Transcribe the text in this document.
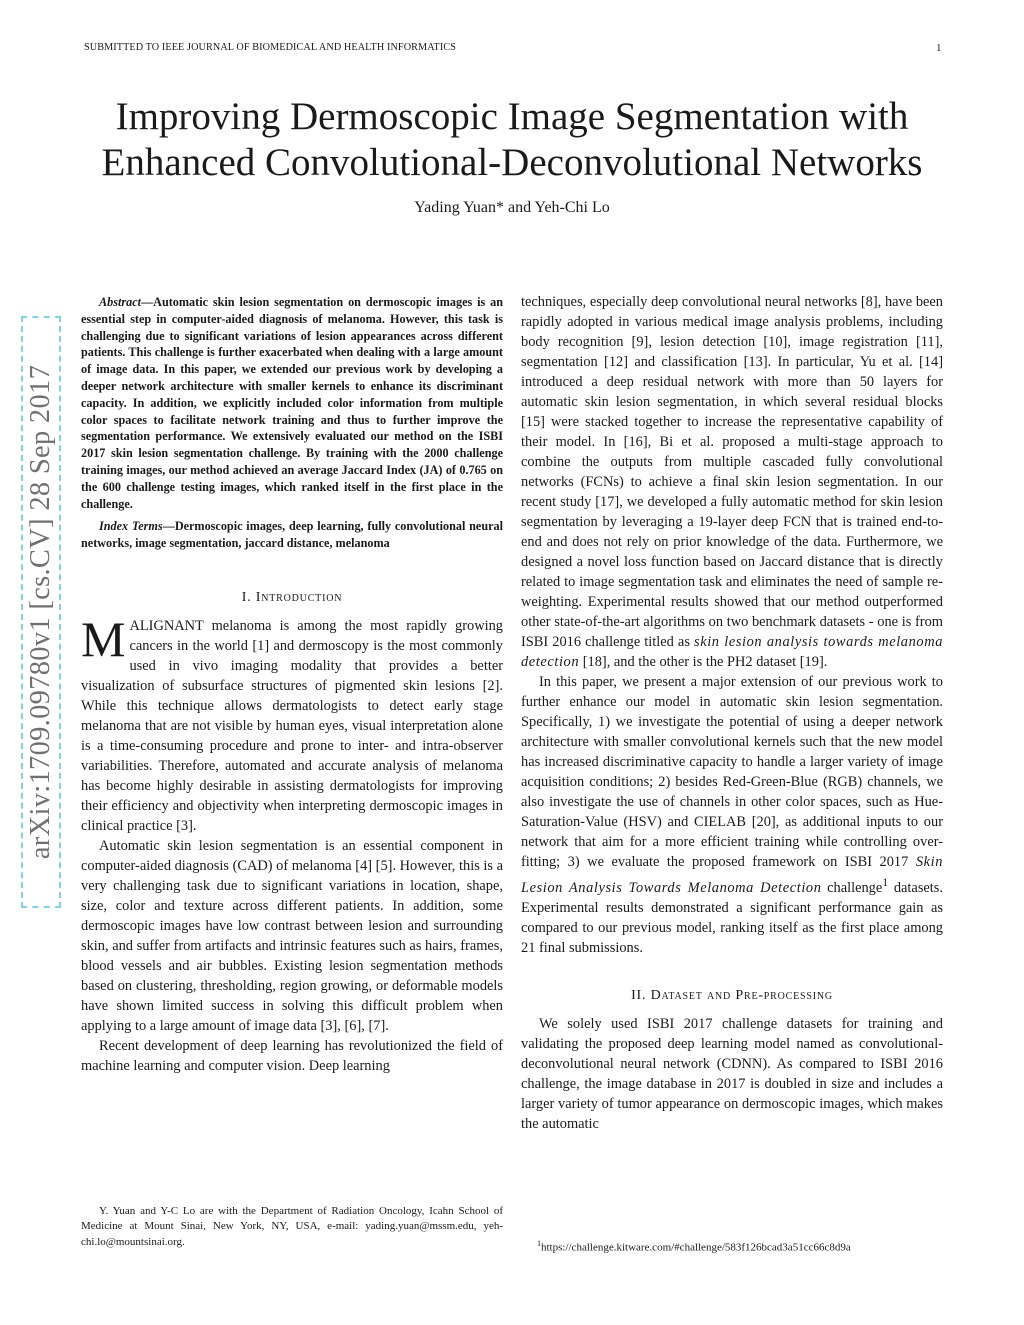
SUBMITTED TO IEEE JOURNAL OF BIOMEDICAL AND HEALTH INFORMATICS	1
Improving Dermoscopic Image Segmentation with
Enhanced Convolutional-Deconvolutional Networks
Yading Yuan* and Yeh-Chi Lo
arXiv:1709.09780v1 [cs.CV] 28 Sep 2017

Abstract—Automatic skin lesion segmentation on dermoscopic images is an essential step in computer-aided diagnosis of melanoma. However, this task is challenging due to significant variations of lesion appearances across different patients. This challenge is further exacerbated when dealing with a large amount of image data. In this paper, we extended our previous work by developing a deeper network architecture with smaller kernels to enhance its discriminant capacity. In addition, we explicitly included color information from multiple color spaces to facilitate network training and thus to further improve the segmentation performance. We extensively evaluated our method on the ISBI 2017 skin lesion segmentation challenge. By training with the 2000 challenge training images, our method achieved an average Jaccard Index (JA) of 0.765 on the 600 challenge testing images, which ranked itself in the first place in the challenge.

Index Terms—Dermoscopic images, deep learning, fully convolutional neural networks, image segmentation, jaccard distance, melanoma

I. Introduction

MALIGNANT melanoma is among the most rapidly growing cancers in the world [1] and dermoscopy is the most commonly used in vivo imaging modality that provides a better visualization of subsurface structures of pigmented skin lesions [2]. While this technique allows dermatologists to detect early stage melanoma that are not visible by human eyes, visual interpretation alone is a time-consuming procedure and prone to inter- and intra-observer variabilities. Therefore, automated and accurate analysis of melanoma has become highly desirable in assisting dermatologists for improving their efficiency and objectivity when interpreting dermoscopic images in clinical practice [3].

Automatic skin lesion segmentation is an essential component in computer-aided diagnosis (CAD) of melanoma [4] [5]. However, this is a very challenging task due to significant variations in location, shape, size, color and texture across different patients. In addition, some dermoscopic images have low contrast between lesion and surrounding skin, and suffer from artifacts and intrinsic features such as hairs, frames, blood vessels and air bubbles. Existing lesion segmentation methods based on clustering, thresholding, region growing, or deformable models have shown limited success in solving this difficult problem when applying to a large amount of image data [3], [6], [7].

Recent development of deep learning has revolutionized the field of machine learning and computer vision. Deep learning

techniques, especially deep convolutional neural networks [8], have been rapidly adopted in various medical image analysis problems, including body recognition [9], lesion detection [10], image registration [11], segmentation [12] and classification [13]. In particular, Yu et al. [14] introduced a deep residual network with more than 50 layers for automatic skin lesion segmentation, in which several residual blocks [15] were stacked together to increase the representative capability of their model. In [16], Bi et al. proposed a multi-stage approach to combine the outputs from multiple cascaded fully convolutional networks (FCNs) to achieve a final skin lesion segmentation. In our recent study [17], we developed a fully automatic method for skin lesion segmentation by leveraging a 19-layer deep FCN that is trained end-to-end and does not rely on prior knowledge of the data. Furthermore, we designed a novel loss function based on Jaccard distance that is directly related to image segmentation task and eliminates the need of sample re-weighting. Experimental results showed that our method outperformed other state-of-the-art algorithms on two benchmark datasets - one is from ISBI 2016 challenge titled as skin lesion analysis towards melanoma detection [18], and the other is the PH2 dataset [19].

In this paper, we present a major extension of our previous work to further enhance our model in automatic skin lesion segmentation. Specifically, 1) we investigate the potential of using a deeper network architecture with smaller convolutional kernels such that the new model has increased discriminative capacity to handle a larger variety of image acquisition conditions; 2) besides Red-Green-Blue (RGB) channels, we also investigate the use of channels in other color spaces, such as Hue-Saturation-Value (HSV) and CIELAB [20], as additional inputs to our network that aim for a more efficient training while controlling over-fitting; 3) we evaluate the proposed framework on ISBI 2017 Skin Lesion Analysis Towards Melanoma Detection challenge$^1$ datasets. Experimental results demonstrated a significant performance gain as compared to our previous model, ranking itself as the first place among 21 final submissions.

II. Dataset and Pre-processing

We solely used ISBI 2017 challenge datasets for training and validating the proposed deep learning model named as convolutional-deconvolutional neural network (CDNN). As compared to ISBI 2016 challenge, the image database in 2017 is doubled in size and includes a larger variety of tumor appearance on dermoscopic images, which makes the automatic

Y. Yuan and Y-C Lo are with the Department of Radiation Oncology, Icahn School of Medicine at Mount Sinai, New York, NY, USA, e-mail: yading.yuan@mssm.edu, yeh-chi.lo@mountsinai.org.	$^1$https://challenge.kitware.com/#challenge/583f126bcad3a51cc66c8d9a
